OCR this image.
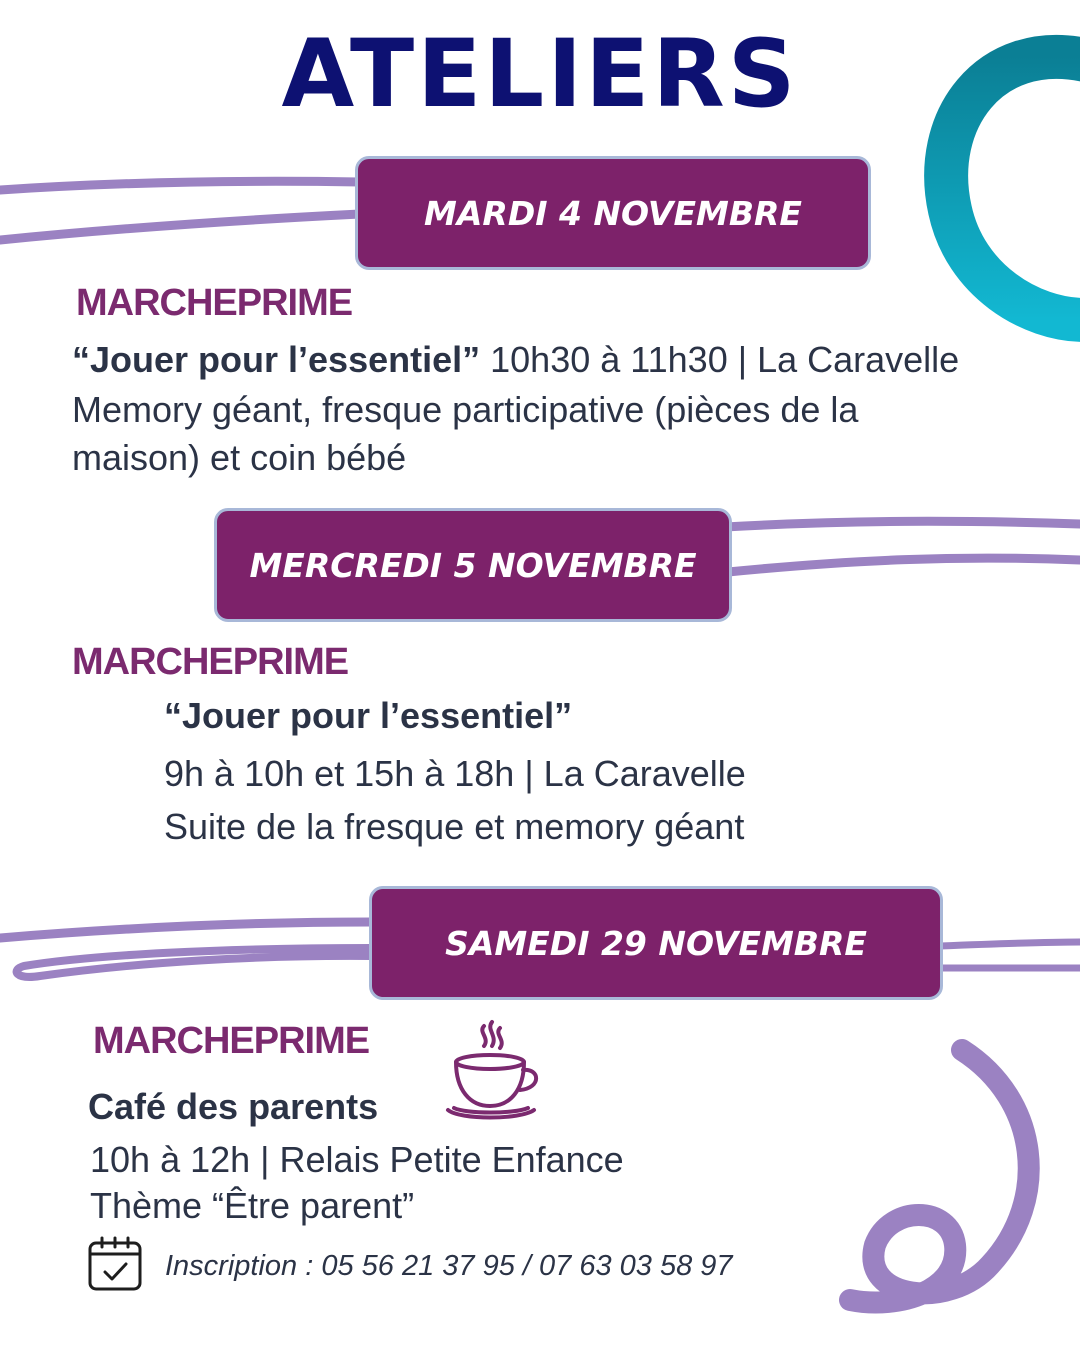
ATELIERS
MARDI 4 NOVEMBRE
MARCHEPRIME
“Jouer pour l’essentiel” 10h30 à 11h30 | La Caravelle
Memory géant, fresque participative (pièces de la
maison) et coin bébé
MERCREDI 5 NOVEMBRE
MARCHEPRIME
“Jouer pour l’essentiel”
9h à 10h et 15h à 18h | La Caravelle
Suite de la fresque et memory géant
SAMEDI 29 NOVEMBRE
MARCHEPRIME
Café des parents
10h à 12h | Relais Petite Enfance
Thème “Être parent”
Inscription : 05 56 21 37 95 / 07 63 03 58 97
